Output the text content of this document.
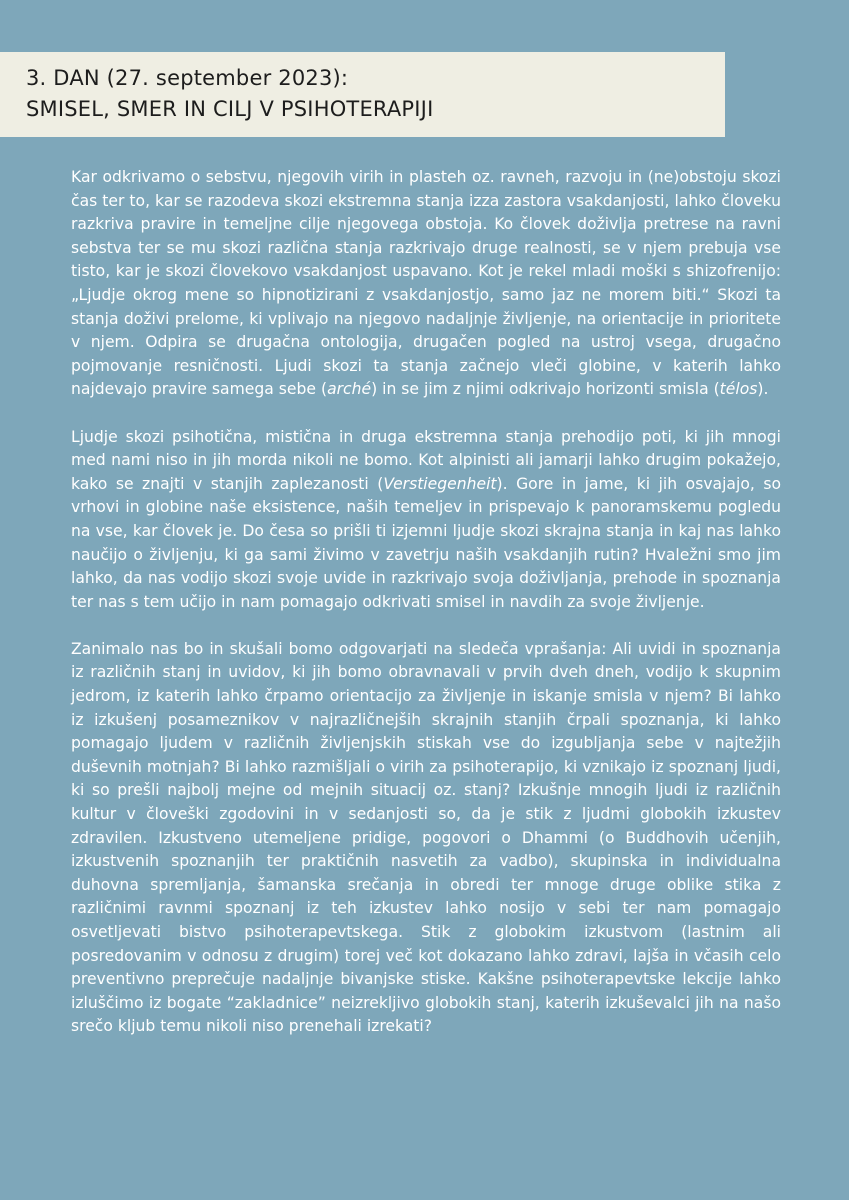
3. DAN (27. september 2023):
SMISEL, SMER IN CILJ V PSIHOTERAPIJI

Kar odkrivamo o sebstvu, njegovih virih in plasteh oz. ravneh, razvoju in (ne)obstoju skozi čas ter to, kar se razodeva skozi ekstremna stanja izza zastora vsakdanjosti, lahko človeku razkriva pravire in temeljne cilje njegovega obstoja. Ko človek doživlja pretrese na ravni sebstva ter se mu skozi različna stanja razkrivajo druge realnosti, se v njem prebuja vse tisto, kar je skozi človekovo vsakdanjost uspavano. Kot je rekel mladi moški s shizofrenijo: „Ljudje okrog mene so hipnotizirani z vsakdanjostjo, samo jaz ne morem biti.“ Skozi ta stanja doživi prelome, ki vplivajo na njegovo nadaljnje življenje, na orientacije in prioritete v njem. Odpira se drugačna ontologija, drugačen pogled na ustroj vsega, drugačno pojmovanje resničnosti. Ljudi skozi ta stanja začnejo vleči globine, v katerih lahko najdevajo pravire samega sebe (arché) in se jim z njimi odkrivajo horizonti smisla (télos).

Ljudje skozi psihotična, mistična in druga ekstremna stanja prehodijo poti, ki jih mnogi med nami niso in jih morda nikoli ne bomo. Kot alpinisti ali jamarji lahko drugim pokažejo, kako se znajti v stanjih zaplezanosti (Verstiegenheit). Gore in jame, ki jih osvajajo, so vrhovi in globine naše eksistence, naših temeljev in prispevajo k panoramskemu pogledu na vse, kar človek je. Do česa so prišli ti izjemni ljudje skozi skrajna stanja in kaj nas lahko naučijo o življenju, ki ga sami živimo v zavetrju naših vsakdanjih rutin? Hvaležni smo jim lahko, da nas vodijo skozi svoje uvide in razkrivajo svoja doživljanja, prehode in spoznanja ter nas s tem učijo in nam pomagajo odkrivati smisel in navdih za svoje življenje.

Zanimalo nas bo in skušali bomo odgovarjati na sledeča vprašanja: Ali uvidi in spoznanja iz različnih stanj in uvidov, ki jih bomo obravnavali v prvih dveh dneh, vodijo k skupnim jedrom, iz katerih lahko črpamo orientacijo za življenje in iskanje smisla v njem? Bi lahko iz izkušenj posameznikov v najrazličnejših skrajnih stanjih črpali spoznanja, ki lahko pomagajo ljudem v različnih življenjskih stiskah vse do izgubljanja sebe v najtežjih duševnih motnjah? Bi lahko razmišljali o virih za psihoterapijo, ki vznikajo iz spoznanj ljudi, ki so prešli najbolj mejne od mejnih situacij oz. stanj? Izkušnje mnogih ljudi iz različnih kultur v človeški zgodovini in v sedanjosti so, da je stik z ljudmi globokih izkustev zdravilen. Izkustveno utemeljene pridige, pogovori o Dhammi (o Buddhovih učenjih, izkustvenih spoznanjih ter praktičnih nasvetih za vadbo), skupinska in individualna duhovna spremljanja, šamanska srečanja in obredi ter mnoge druge oblike stika z različnimi ravnmi spoznanj iz teh izkustev lahko nosijo v sebi ter nam pomagajo osvetljevati bistvo psihoterapevtskega. Stik z globokim izkustvom (lastnim ali posredovanim v odnosu z drugim) torej več kot dokazano lahko zdravi, lajša in včasih celo preventivno preprečuje nadaljnje bivanjske stiske. Kakšne psihoterapevtske lekcije lahko izluščimo iz bogate “zakladnice” neizreklјivo globokih stanj, katerih izkuševalci jih na našo srečo kljub temu nikoli niso prenehali izrekati?
